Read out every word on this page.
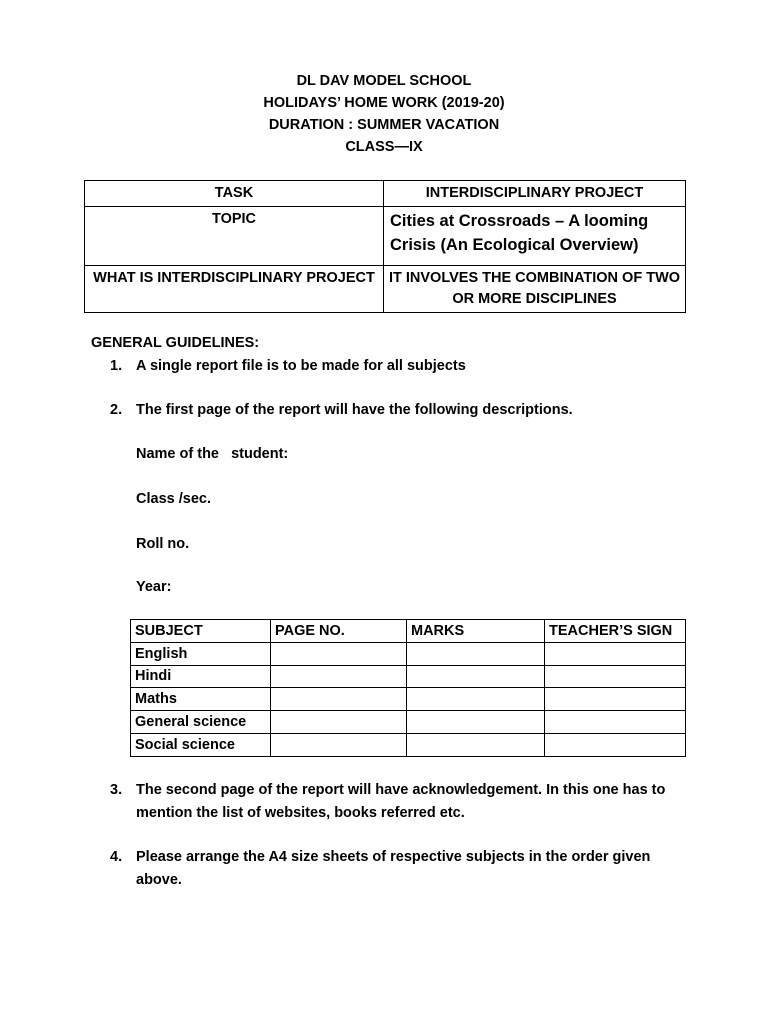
DL DAV MODEL SCHOOL
HOLIDAYS’ HOME WORK (2019-20)
DURATION : SUMMER VACATION
CLASS—IX
TASK	INTERDISCIPLINARY PROJECT
TOPIC	Cities at Crossroads – A looming Crisis (An Ecological Overview)
WHAT IS INTERDISCIPLINARY PROJECT	IT INVOLVES THE COMBINATION OF TWO OR MORE DISCIPLINES
GENERAL GUIDELINES:
1. A single report file is to be made for all subjects
2. The first page of the report will have the following descriptions.
Name of the   student:
Class /sec.
Roll no.
Year:
SUBJECT	PAGE NO.	MARKS	TEACHER’S SIGN
English			
Hindi			
Maths			
General science			
Social science			
3. The second page of the report will have acknowledgement. In this one has to mention the list of websites, books referred etc.
4. Please arrange the A4 size sheets of respective subjects in the order given above.
